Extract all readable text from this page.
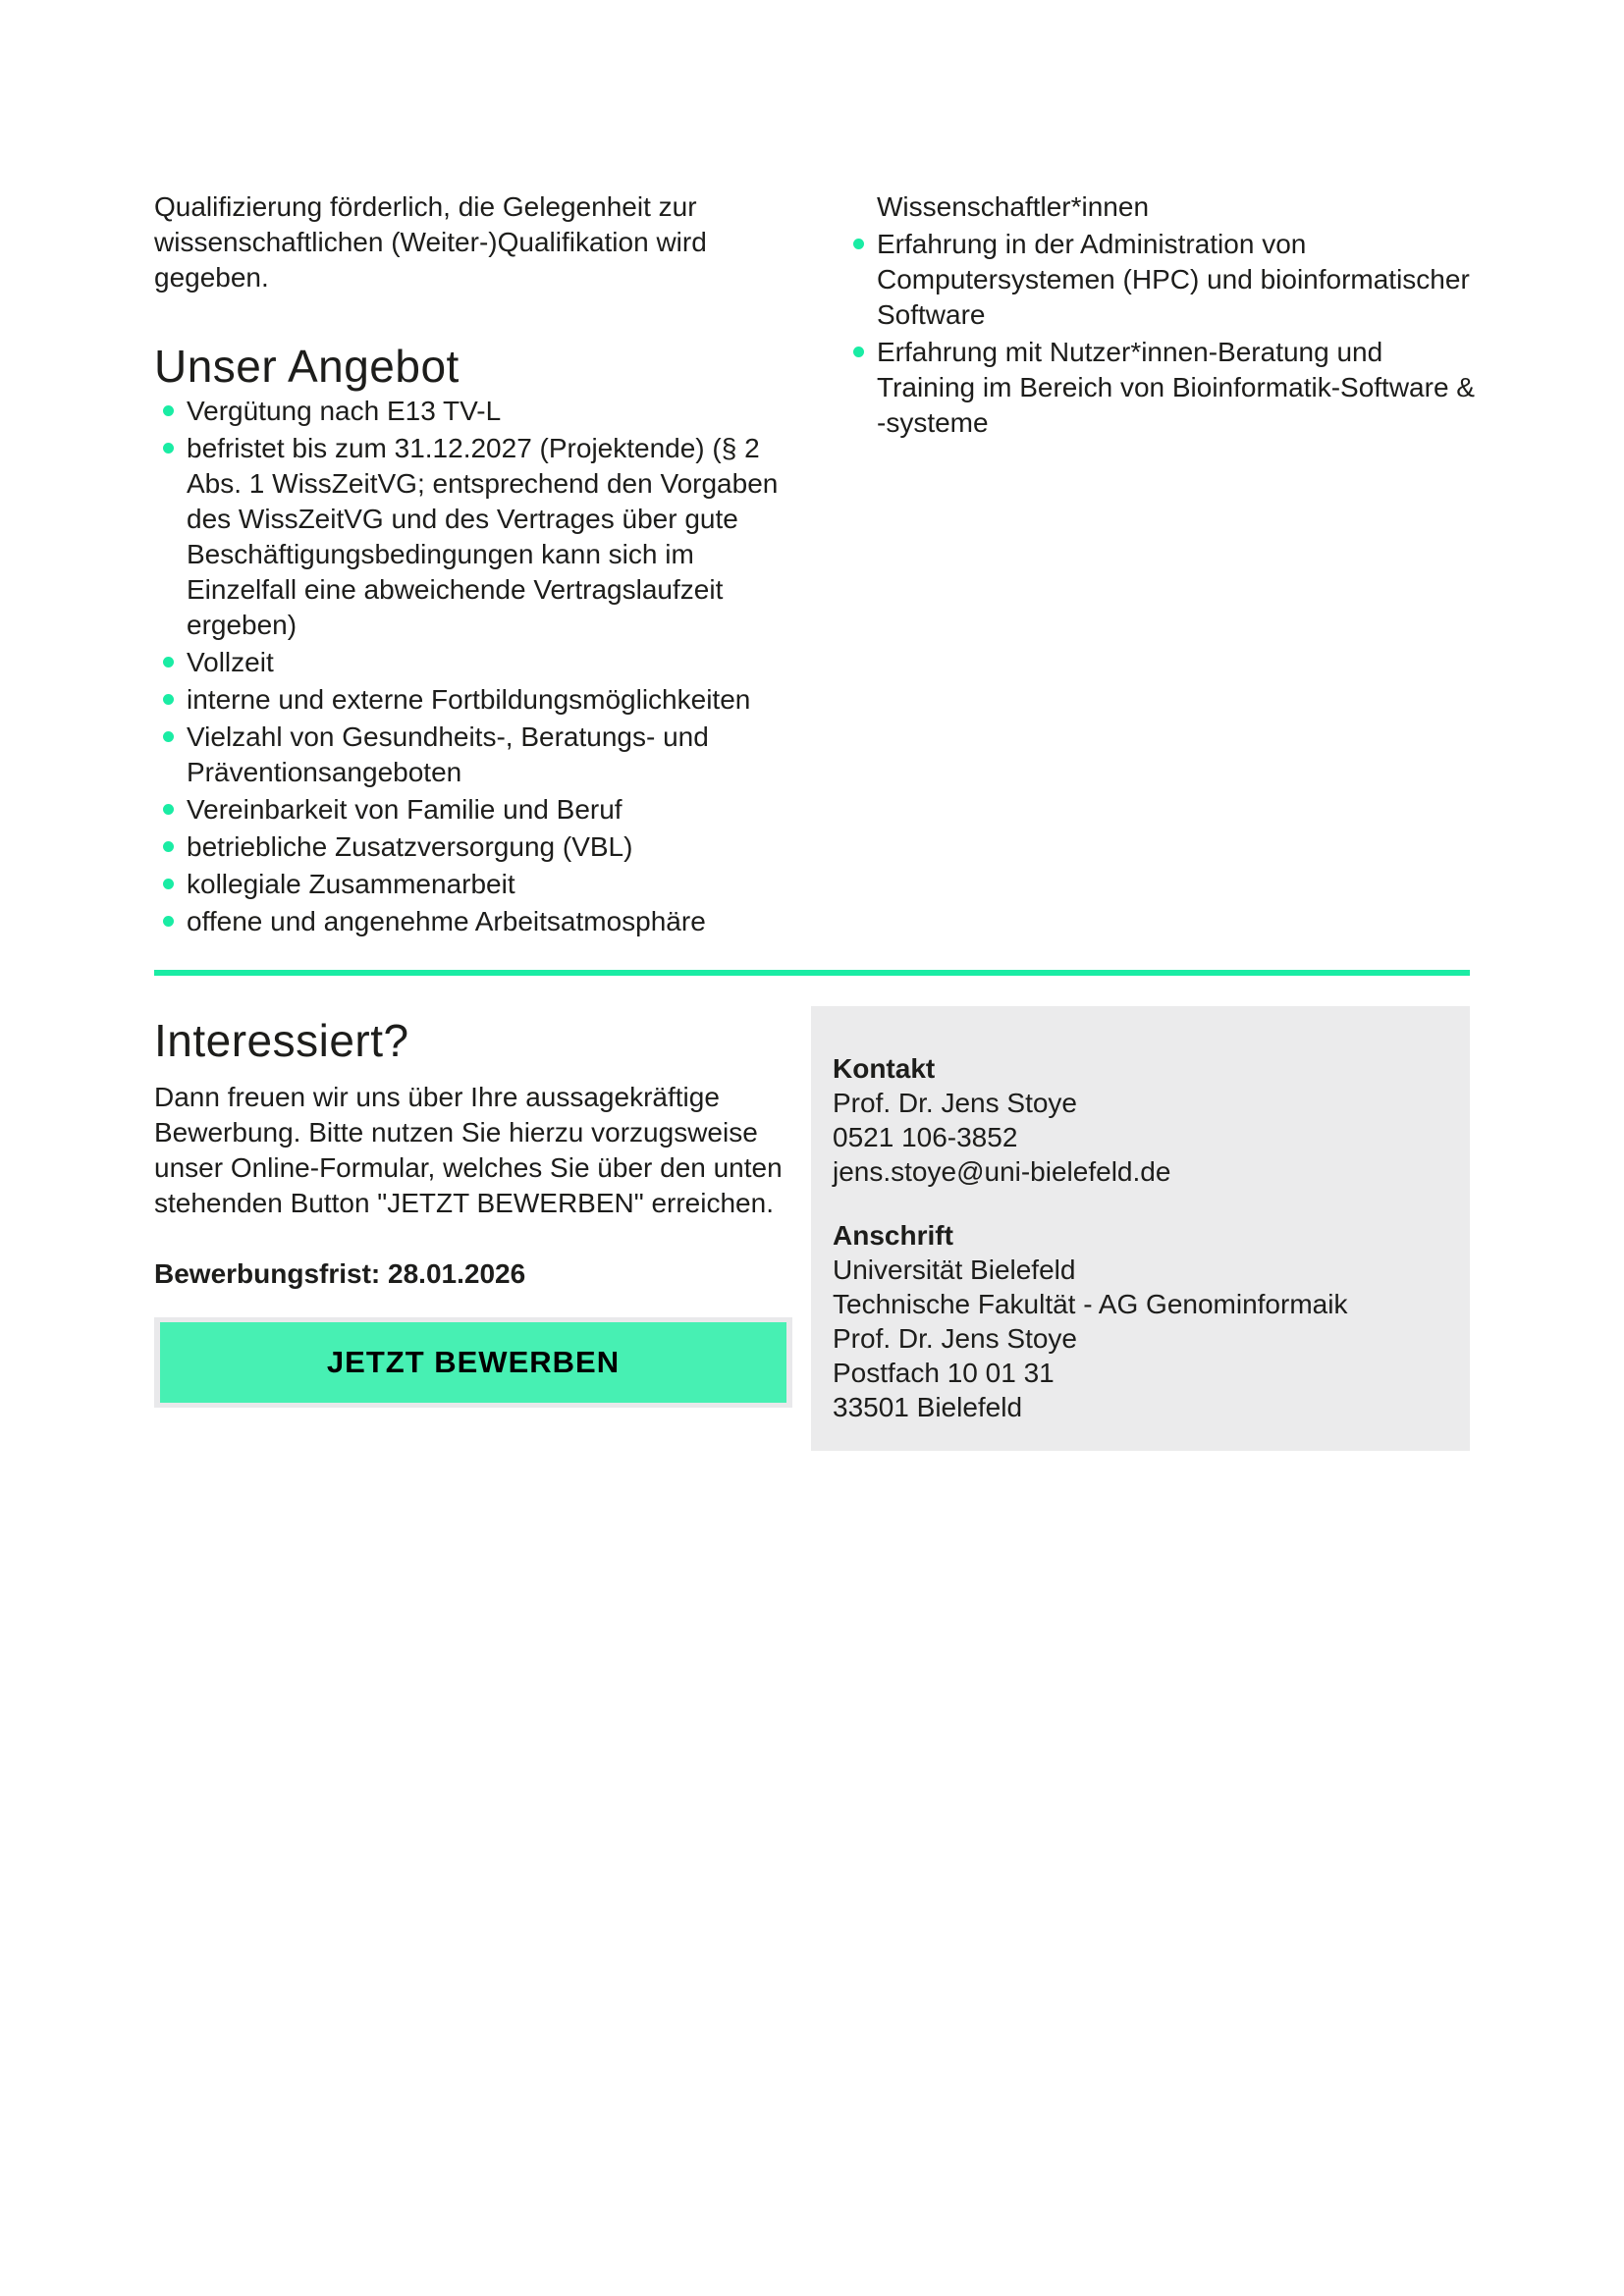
Qualifizierung förderlich, die Gelegenheit zur wissenschaftlichen (Weiter-)Qualifikation wird gegeben.

Unser Angebot
Vergütung nach E13 TV-L
befristet bis zum 31.12.2027 (Projektende) (§ 2 Abs. 1 WissZeitVG; entsprechend den Vorgaben des WissZeitVG und des Vertrages über gute Beschäftigungsbedingungen kann sich im Einzelfall eine abweichende Vertragslaufzeit ergeben)
Vollzeit
interne und externe Fortbildungsmöglichkeiten
Vielzahl von Gesundheits-, Beratungs- und Präventionsangeboten
Vereinbarkeit von Familie und Beruf
betriebliche Zusatzversorgung (VBL)
kollegiale Zusammenarbeit
offene und angenehme Arbeitsatmosphäre
Wissenschaftler*innen
Erfahrung in der Administration von Computersystemen (HPC) und bioinformatischer Software
Erfahrung mit Nutzer*innen-Beratung und Training im Bereich von Bioinformatik-Software & -systeme
Interessiert?

Dann freuen wir uns über Ihre aussagekräftige Bewerbung. Bitte nutzen Sie hierzu vorzugsweise unser Online-Formular, welches Sie über den unten stehenden Button "JETZT BEWERBEN" erreichen.

Bewerbungsfrist: 28.01.2026
JETZT BEWERBEN
Kontakt
Prof. Dr. Jens Stoye
0521 106-3852
jens.stoye@uni-bielefeld.de
Anschrift
Universität Bielefeld
Technische Fakultät - AG Genominformaik
Prof. Dr. Jens Stoye
Postfach 10 01 31
33501 Bielefeld
